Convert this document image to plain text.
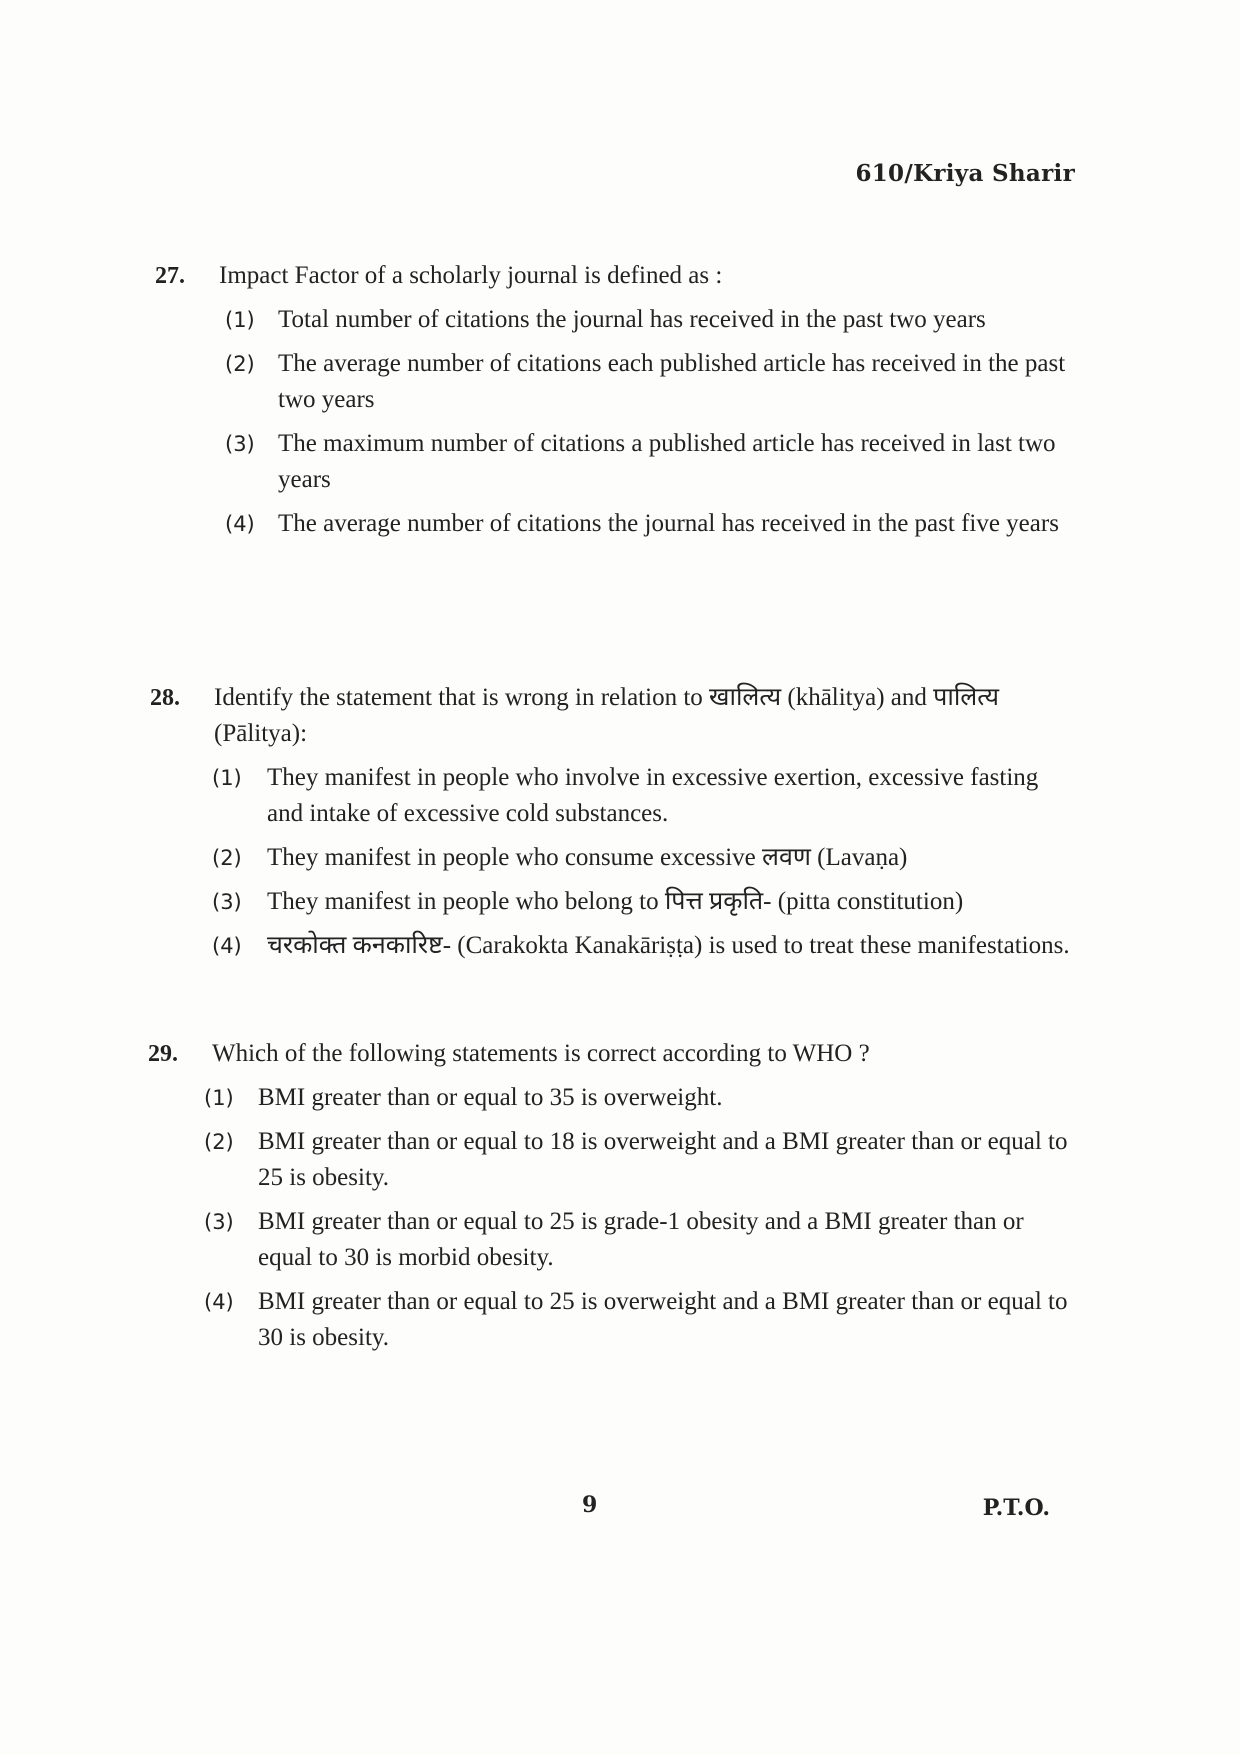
610/Kriya Sharir
27. Impact Factor of a scholarly journal is defined as :
(1) Total number of citations the journal has received in the past two years
(2) The average number of citations each published article has received in the past two years
(3) The maximum number of citations a published article has received in last two years
(4) The average number of citations the journal has received in the past five years
28. Identify the statement that is wrong in relation to खालित्य (khālitya) and पालित्य (Pālitya):
(1) They manifest in people who involve in excessive exertion, excessive fasting and intake of excessive cold substances.
(2) They manifest in people who consume excessive लवण (Lavaṇa)
(3) They manifest in people who belong to पित्त प्रकृति- (pitta constitution)
(4) चरकोक्त कनकारिष्ट- (Carakokta Kanakāriṣṭa) is used to treat these manifestations.
29. Which of the following statements is correct according to WHO ?
(1) BMI greater than or equal to 35 is overweight.
(2) BMI greater than or equal to 18 is overweight and a BMI greater than or equal to 25 is obesity.
(3) BMI greater than or equal to 25 is grade-1 obesity and a BMI greater than or equal to 30 is morbid obesity.
(4) BMI greater than or equal to 25 is overweight and a BMI greater than or equal to 30 is obesity.
9	P.T.O.
